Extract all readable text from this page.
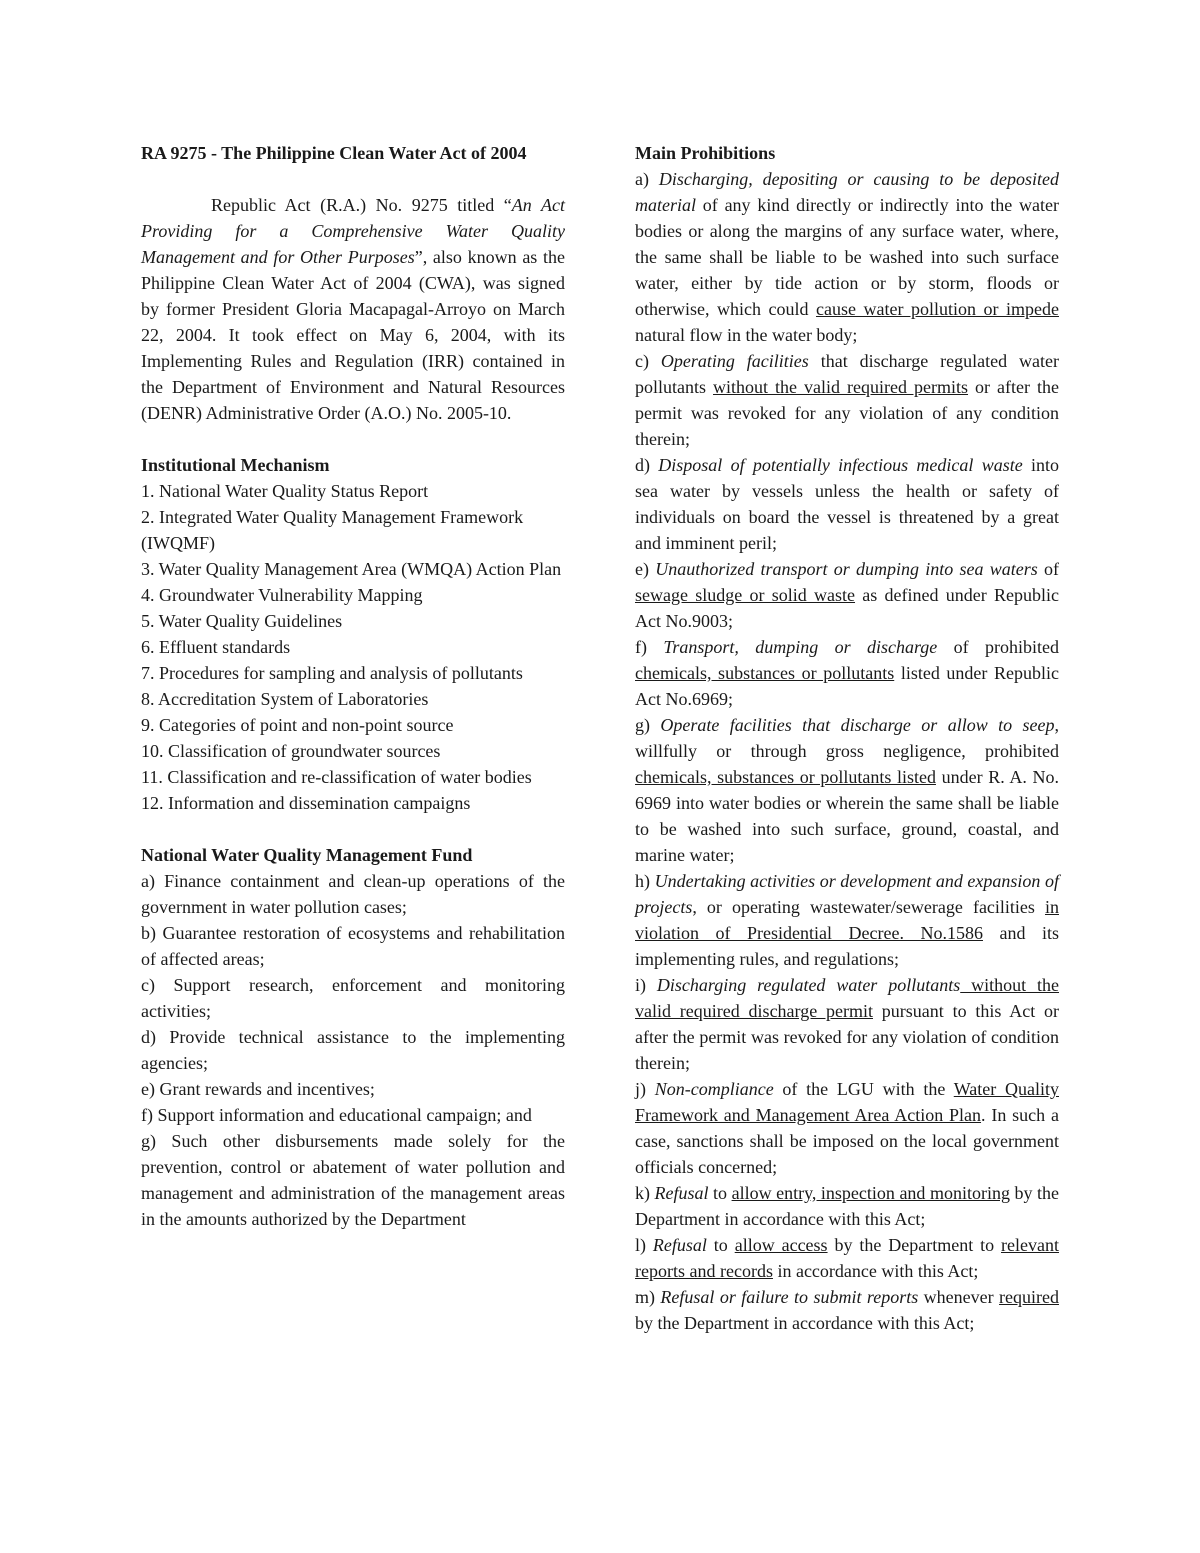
RA 9275 - The Philippine Clean Water Act of 2004

Republic Act (R.A.) No. 9275 titled “An Act Providing for a Comprehensive Water Quality Management and for Other Purposes”, also known as the Philippine Clean Water Act of 2004 (CWA), was signed by former President Gloria Macapagal-Arroyo on March 22, 2004. It took effect on May 6, 2004, with its Implementing Rules and Regulation (IRR) contained in the Department of Environment and Natural Resources (DENR) Administrative Order (A.O.) No. 2005-10.

Institutional Mechanism

1. National Water Quality Status Report

2. Integrated Water Quality Management Framework (IWQMF)

3. Water Quality Management Area (WMQA) Action Plan

4. Groundwater Vulnerability Mapping

5. Water Quality Guidelines

6. Effluent standards

7. Procedures for sampling and analysis of pollutants

8. Accreditation System of Laboratories

9. Categories of point and non-point source

10. Classification of groundwater sources

11. Classification and re-classification of water bodies

12. Information and dissemination campaigns

National Water Quality Management Fund

a) Finance containment and clean-up operations of the government in water pollution cases;

b) Guarantee restoration of ecosystems and rehabilitation of affected areas;

c) Support research, enforcement and monitoring activities;

d) Provide technical assistance to the implementing agencies;

e) Grant rewards and incentives;

f) Support information and educational campaign; and

g) Such other disbursements made solely for the prevention, control or abatement of water pollution and management and administration of the management areas in the amounts authorized by the Department

Main Prohibitions

a) Discharging, depositing or causing to be deposited material of any kind directly or indirectly into the water bodies or along the margins of any surface water, where, the same shall be liable to be washed into such surface water, either by tide action or by storm, floods or otherwise, which could cause water pollution or impede natural flow in the water body;

c) Operating facilities that discharge regulated water pollutants without the valid required permits or after the permit was revoked for any violation of any condition therein;

d) Disposal of potentially infectious medical waste into sea water by vessels unless the health or safety of individuals on board the vessel is threatened by a great and imminent peril;

e) Unauthorized transport or dumping into sea waters of sewage sludge or solid waste as defined under Republic Act No.9003;

f) Transport, dumping or discharge of prohibited chemicals, substances or pollutants listed under Republic Act No.6969;

g) Operate facilities that discharge or allow to seep, willfully or through gross negligence, prohibited chemicals, substances or pollutants listed under R. A. No. 6969 into water bodies or wherein the same shall be liable to be washed into such surface, ground, coastal, and marine water;

h) Undertaking activities or development and expansion of projects, or operating wastewater/sewerage facilities in violation of Presidential Decree. No.1586 and its implementing rules, and regulations;

i) Discharging regulated water pollutants without the valid required discharge permit pursuant to this Act or after the permit was revoked for any violation of condition therein;

j) Non-compliance of the LGU with the Water Quality Framework and Management Area Action Plan. In such a case, sanctions shall be imposed on the local government officials concerned;

k) Refusal to allow entry, inspection and monitoring by the Department in accordance with this Act;

l) Refusal to allow access by the Department to relevant reports and records in accordance with this Act;

m) Refusal or failure to submit reports whenever required by the Department in accordance with this Act;
